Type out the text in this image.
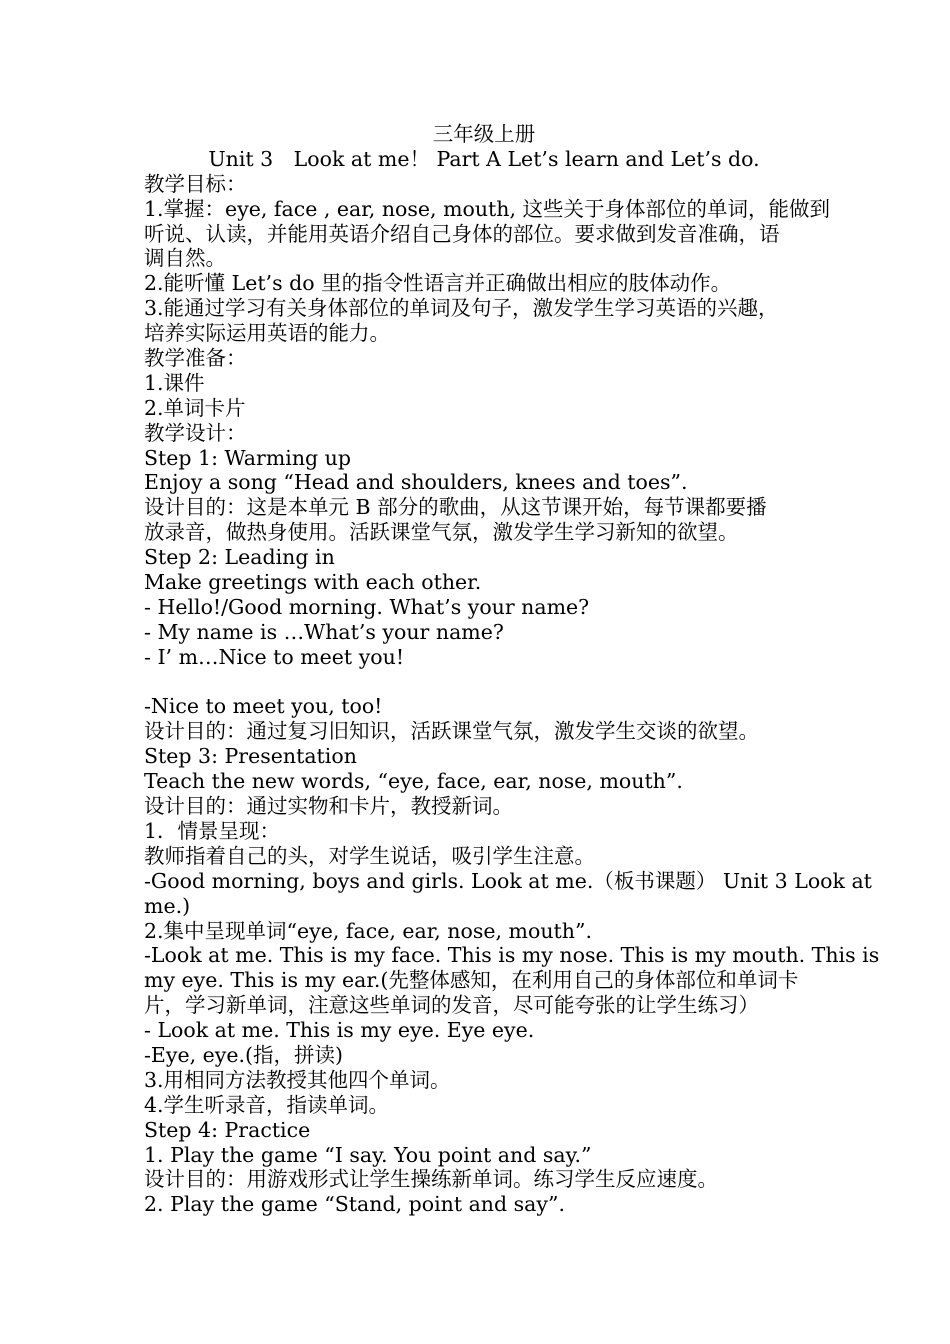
三年级上册
Unit 3　Look at me！ Part A Let’s learn and Let’s do.
教学目标：
1.掌握：eye, face , ear, nose, mouth, 这些关于身体部位的单词，能做到
听说、认读，并能用英语介绍自己身体的部位。要求做到发音准确，语
调自然。
2.能听懂 Let’s do 里的指令性语言并正确做出相应的肢体动作。
3.能通过学习有关身体部位的单词及句子，激发学生学习英语的兴趣，
培养实际运用英语的能力。
教学准备：
1.课件
2.单词卡片
教学设计：
Step 1: Warming up
Enjoy a song “Head and shoulders, knees and toes”.
设计目的：这是本单元 B 部分的歌曲，从这节课开始，每节课都要播
放录音，做热身使用。活跃课堂气氛，激发学生学习新知的欲望。
Step 2: Leading in
Make greetings with each other.
- Hello!/Good morning. What’s your name?
- My name is …What’s your name?
- I’ m…Nice to meet you!
-Nice to meet you, too!
设计目的：通过复习旧知识，活跃课堂气氛，激发学生交谈的欲望。
Step 3: Presentation
Teach the new words, “eye, face, ear, nose, mouth”.
设计目的：通过实物和卡片，教授新词。
1．情景呈现：
教师指着自己的头，对学生说话，吸引学生注意。
-Good morning, boys and girls. Look at me.（板书课题） Unit 3 Look at
me.)
2.集中呈现单词“eye, face, ear, nose, mouth”.
-Look at me. This is my face. This is my nose. This is my mouth. This is
my eye. This is my ear.(先整体感知，在利用自己的身体部位和单词卡
片，学习新单词，注意这些单词的发音，尽可能夸张的让学生练习）
- Look at me. This is my eye. Eye eye.
-Eye, eye.(指，拼读)
3.用相同方法教授其他四个单词。
4.学生听录音，指读单词。
Step 4: Practice
1. Play the game “I say. You point and say.”
设计目的：用游戏形式让学生操练新单词。练习学生反应速度。
2. Play the game “Stand, point and say”.
